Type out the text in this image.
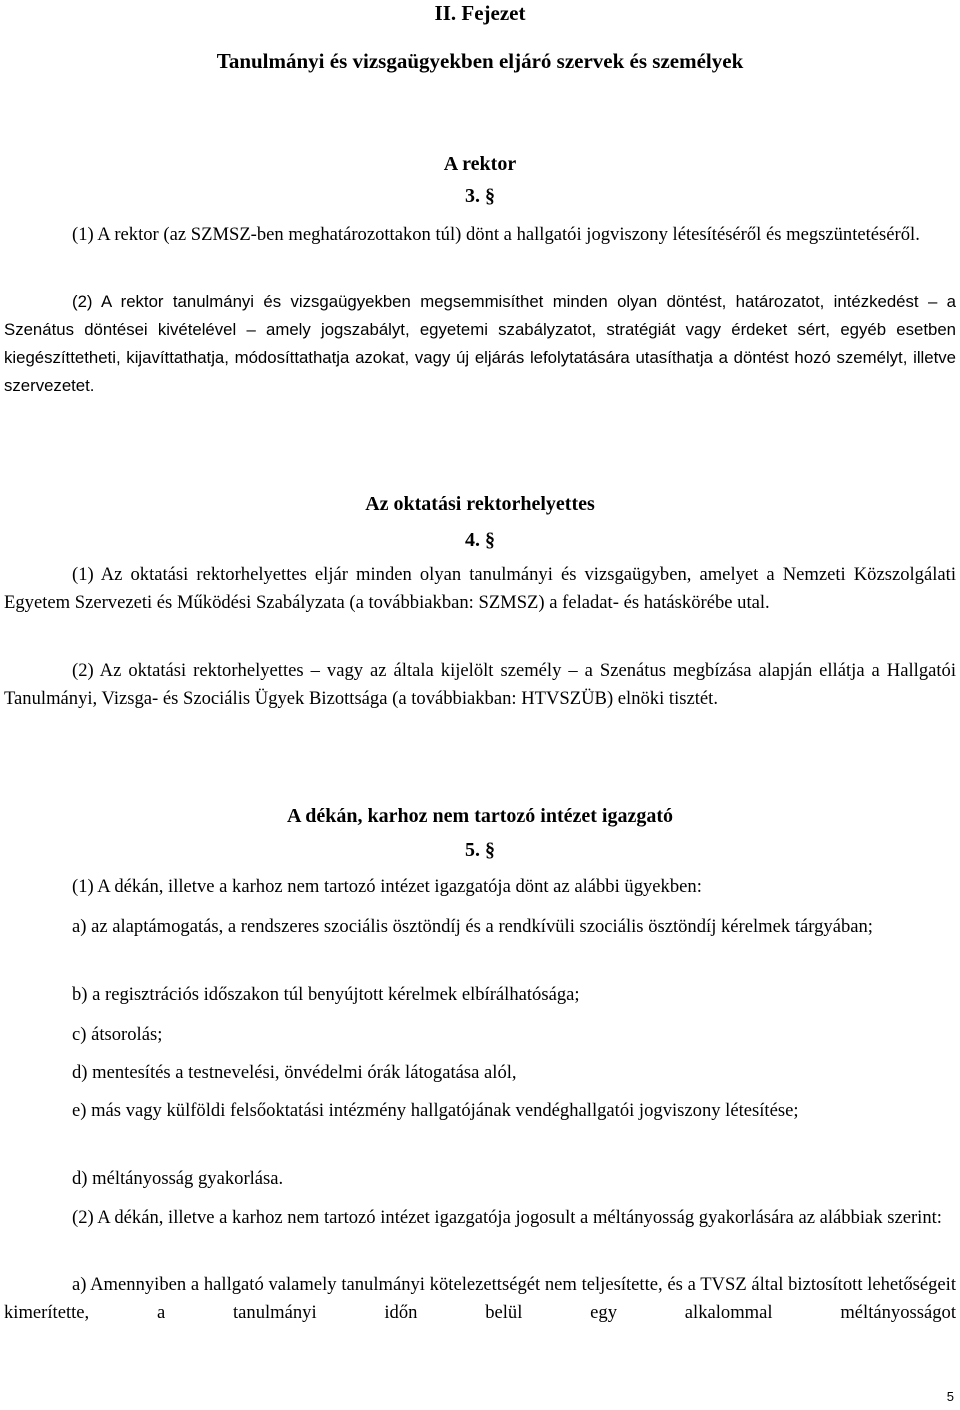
II. Fejezet
Tanulmányi és vizsgaügyekben eljáró szervek és személyek
A rektor
3. §

(1) A rektor (az SZMSZ-ben meghatározottakon túl) dönt a hallgatói jogviszony létesítéséről és megszüntetéséről.

(2) A rektor tanulmányi és vizsgaügyekben megsemmisíthet minden olyan döntést, határozatot, intézkedést – a Szenátus döntései kivételével – amely jogszabályt, egyetemi szabályzatot, stratégiát vagy érdeket sért, egyéb esetben kiegészíttetheti, kijavíttathatja, módosíttathatja azokat, vagy új eljárás lefolytatására utasíthatja a döntést hozó személyt, illetve szervezetet.

Az oktatási rektorhelyettes
4. §

(1) Az oktatási rektorhelyettes eljár minden olyan tanulmányi és vizsgaügyben, amelyet a Nemzeti Közszolgálati Egyetem Szervezeti és Működési Szabályzata (a továbbiakban: SZMSZ) a feladat- és hatáskörébe utal.

(2) Az oktatási rektorhelyettes – vagy az általa kijelölt személy – a Szenátus megbízása alapján ellátja a Hallgatói Tanulmányi, Vizsga- és Szociális Ügyek Bizottsága (a továbbiakban: HTVSZÜB) elnöki tisztét.

A dékán, karhoz nem tartozó intézet igazgató
5. §

(1) A dékán, illetve a karhoz nem tartozó intézet igazgatója dönt az alábbi ügyekben:

a) az alaptámogatás, a rendszeres szociális ösztöndíj és a rendkívüli szociális ösztöndíj kérelmek tárgyában;

b) a regisztrációs időszakon túl benyújtott kérelmek elbírálhatósága;

c) átsorolás;

d) mentesítés a testnevelési, önvédelmi órák látogatása alól,

e) más vagy külföldi felsőoktatási intézmény hallgatójának vendéghallgatói jogviszony létesítése;

d) méltányosság gyakorlása.

(2) A dékán, illetve a karhoz nem tartozó intézet igazgatója jogosult a méltányosság gyakorlására az alábbiak szerint:

a) Amennyiben a hallgató valamely tanulmányi kötelezettségét nem teljesítette, és a TVSZ által biztosított lehetőségeit kimerítette, a tanulmányi időn belül egy alkalommal méltányosságot

5
